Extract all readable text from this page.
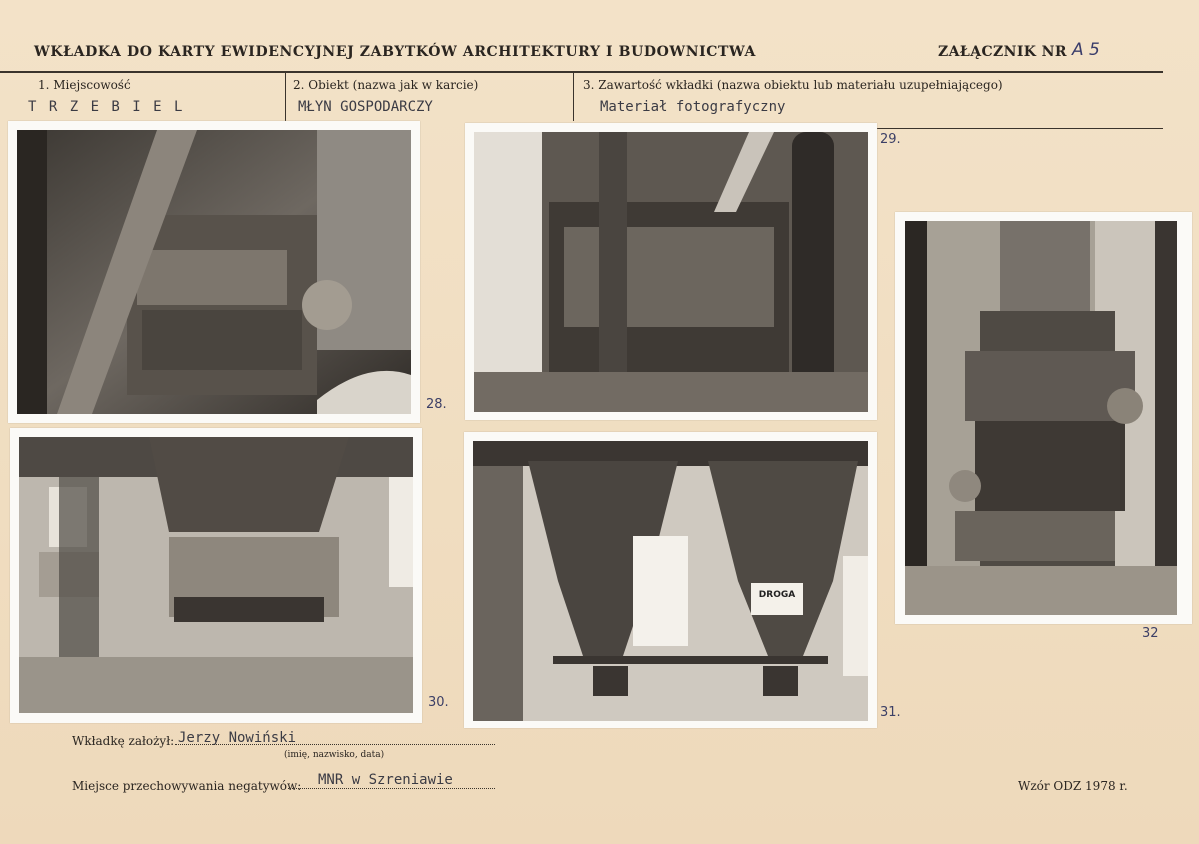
WKŁADKA DO KARTY EWIDENCYJNEJ ZABYTKÓW ARCHITEKTURY I BUDOWNICTWA	ZAŁĄCZNIK NR A 5
1. Miejscowość
T R Z E B I E L
2. Obiekt (nazwa jak w karcie)
MŁYN GOSPODARCZY
3. Zawartość wkładki (nazwa obiektu lub materiału uzupełniającego)
Materiał fotografyczny
28.
29.
30.
DROGA
31.
32
Wkładkę założył: Jerzy Nowiński
(imię, nazwisko, data)
Miejsce przechowywania negatywów: MNR w Szreniawie	Wzór ODZ 1978 r.
